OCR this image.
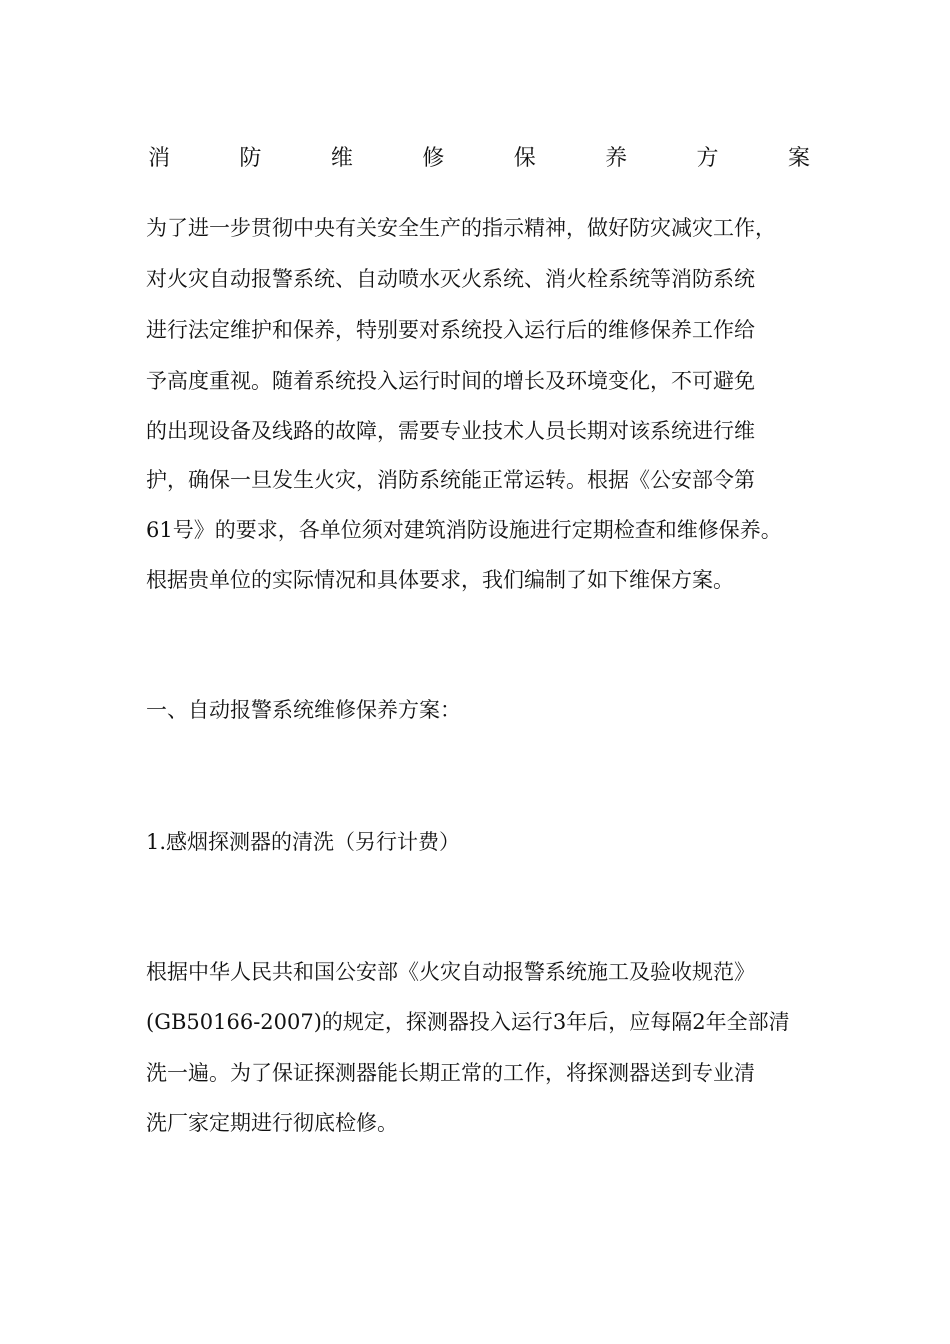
消	防	维	修	保	养	方	案
为了进一步贯彻中央有关安全生产的指示精神，做好防灾减灾工作，
对火灾自动报警系统、自动喷水灭火系统、消火栓系统等消防系统
进行法定维护和保养，特别要对系统投入运行后的维修保养工作给
予高度重视。随着系统投入运行时间的增长及环境变化，不可避免
的出现设备及线路的故障，需要专业技术人员长期对该系统进行维
护，确保一旦发生火灾，消防系统能正常运转。根据《公安部令第
61号》的要求，各单位须对建筑消防设施进行定期检查和维修保养。
根据贵单位的实际情况和具体要求，我们编制了如下维保方案。
一、自动报警系统维修保养方案：
1.感烟探测器的清洗（另行计费）
根据中华人民共和国公安部《火灾自动报警系统施工及验收规范》
(GB50166-2007)的规定，探测器投入运行3年后，应每隔2年全部清
洗一遍。为了保证探测器能长期正常的工作，将探测器送到专业清
洗厂家定期进行彻底检修。
